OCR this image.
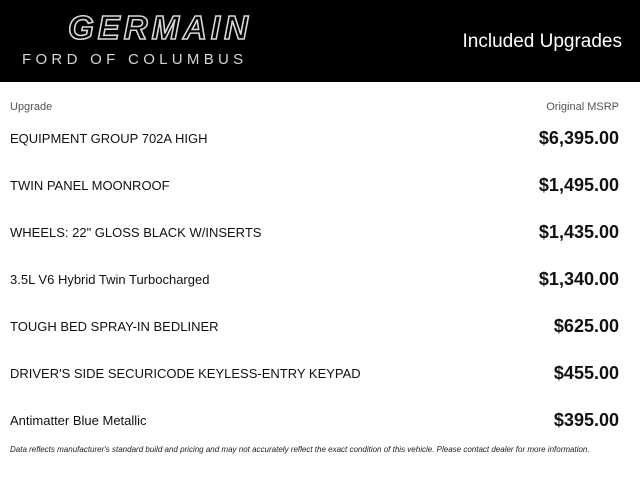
GERMAIN
FORD OF COLUMBUS
Included Upgrades
Upgrade	Original MSRP
EQUIPMENT GROUP 702A HIGH	$6,395.00
TWIN PANEL MOONROOF	$1,495.00
WHEELS: 22" GLOSS BLACK W/INSERTS	$1,435.00
3.5L V6 Hybrid Twin Turbocharged	$1,340.00
TOUGH BED SPRAY-IN BEDLINER	$625.00
DRIVER'S SIDE SECURICODE KEYLESS-ENTRY KEYPAD	$455.00
Antimatter Blue Metallic	$395.00
Data reflects manufacturer's standard build and pricing and may not accurately reflect the exact condition of this vehicle. Please contact dealer for more information.
